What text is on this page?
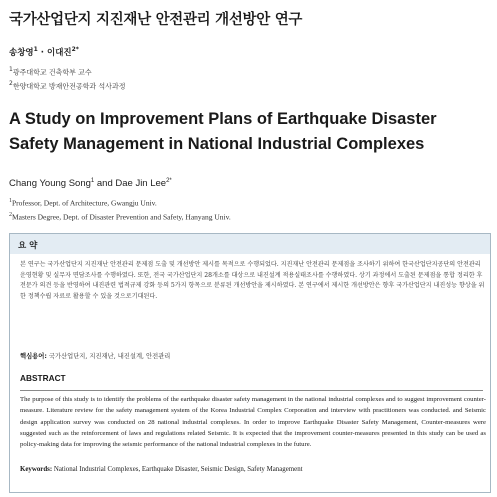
국가산업단지 지진재난 안전관리 개선방안 연구
송창영$^1$ · 이대진$^{2*}$
$^1$광주대학교 건축학부 교수
$^2$한양대학교 방재안전공학과 석사과정
A Study on Improvement Plans of Earthquake Disaster Safety Management in National Industrial Complexes
Chang Young Song$^1$ and Dae Jin Lee$^{2*}$
$^1$Professor, Dept. of Architecture, Gwangju Univ.
$^2$Masters Degree, Dept. of Disaster Prevention and Safety, Hanyang Univ.
요 약
본 연구는 국가산업단지 지진재난 안전관리 문제점 도출 및 개선방안 제시를 목적으로 수행되었다. 지진재난 안전관리 문제점을 조사하기 위하여 한국산업단지공단의 안전관리 운영현황 및 실무자 면담조사를 수행하였다. 또한, 전국 국가산업단지 28개소를 대상으로 내진설계 적용실태조사를 수행하였다. 상기 과정에서 도출된 문제점을 통합 정리한 후 전문가 의견 등을 반영하여 내진관련 법적규제 강화 등의 5가지 항목으로 분류된 개선방안을 제시하였다. 본 연구에서 제시한 개선방안은 향후 국가산업단지 내진성능 향상을 위한 정책수립 자료로 활용할 수 있을 것으로기대된다.
핵심용어: 국가산업단지, 지진재난, 내진설계, 안전관리
ABSTRACT
The purpose of this study is to identify the problems of the earthquake disaster safety management in the national industrial complexes and to suggest improvement counter-measure. Literature review for the safety management system of the Korea Industrial Complex Corporation and interview with practitioners was conducted. and Seismic design application survey was conducted on 28 national industrial complexes. In order to improve Earthquake Disaster Safety Management, Counter-measures were suggested such as the reinforcement of laws and regulations related Seismic. It is expected that the improvement counter-measures presented in this study can be used as policy-making data for improving the seismic performance of the national industrial complexes in the future.
Keywords: National Industrial Complexes, Earthquake Disaster, Seismic Design, Safety Management
